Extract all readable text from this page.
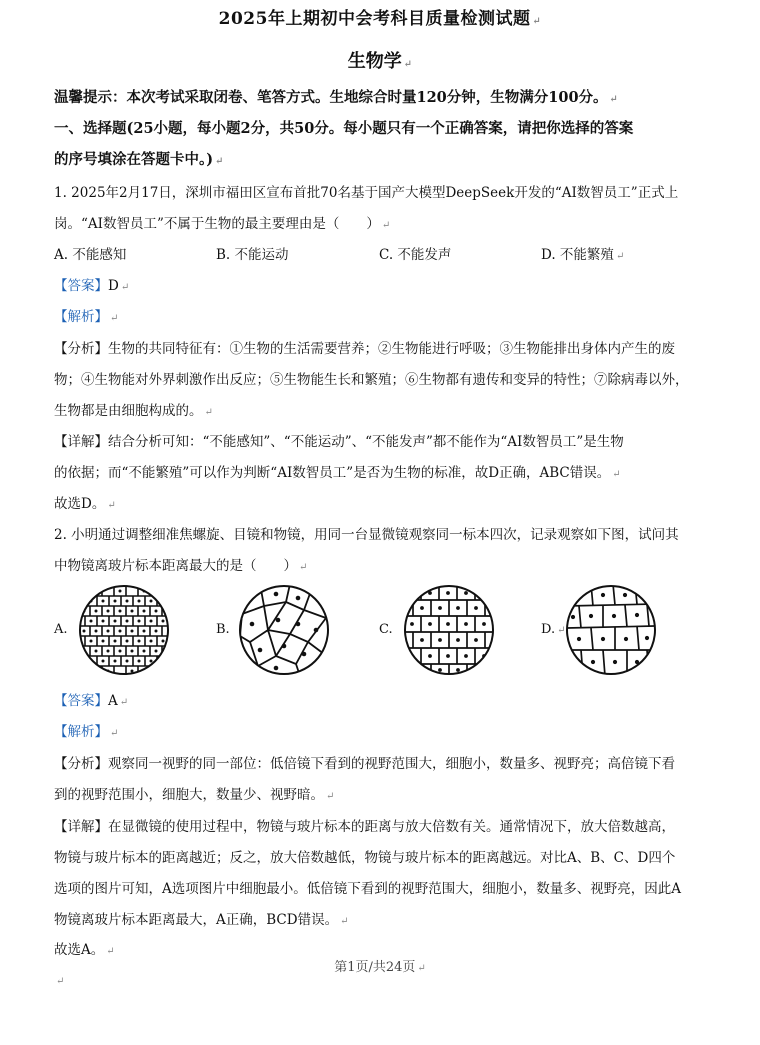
2025年上期初中会考科目质量检测试题 ↵
生物学 ↵
温馨提示：本次考试采取闭卷、笔答方式。生地综合时量120分钟，生物满分100分。 ↵
一、选择题(25小题，每小题2分，共50分。每小题只有一个正确答案，请把你选择的答案
的序号填涂在答题卡中。) ↵
1. 2025年2月17日，深圳市福田区宣布首批70名基于国产大模型DeepSeek开发的“AI数智员工”正式上
岗。“AI数智员工”不属于生物的最主要理由是（　　） ↵
A. 不能感知	B. 不能运动	C. 不能发声	D. 不能繁殖 ↵
【答案】D ↵
【解析】 ↵
【分析】生物的共同特征有：①生物的生活需要营养；②生物能进行呼吸；③生物能排出身体内产生的废
物；④生物能对外界刺激作出反应；⑤生物能生长和繁殖；⑥生物都有遗传和变异的特性；⑦除病毒以外，
生物都是由细胞构成的。 ↵
【详解】结合分析可知：“不能感知”、“不能运动”、“不能发声”都不能作为“AI数智员工”是生物
的依据；而“不能繁殖”可以作为判断“AI数智员工”是否为生物的标准，故D正确，ABC错误。 ↵
故选D。 ↵
2. 小明通过调整细准焦螺旋、目镜和物镜，用同一台显微镜观察同一标本四次，记录观察如下图，试问其
中物镜离玻片标本距离最大的是（　　） ↵
A.	B.	C.	D. ↵
【答案】A ↵
【解析】 ↵
【分析】观察同一视野的同一部位：低倍镜下看到的视野范围大，细胞小，数量多、视野亮；高倍镜下看
到的视野范围小，细胞大，数量少、视野暗。 ↵
【详解】在显微镜的使用过程中，物镜与玻片标本的距离与放大倍数有关。通常情况下，放大倍数越高，
物镜与玻片标本的距离越近；反之，放大倍数越低，物镜与玻片标本的距离越远。对比A、B、C、D四个
选项的图片可知，A选项图片中细胞最小。低倍镜下看到的视野范围大，细胞小，数量多、视野亮，因此A
物镜离玻片标本距离最大，A正确，BCD错误。 ↵
故选A。 ↵
第1页/共24页 ↵
↵
